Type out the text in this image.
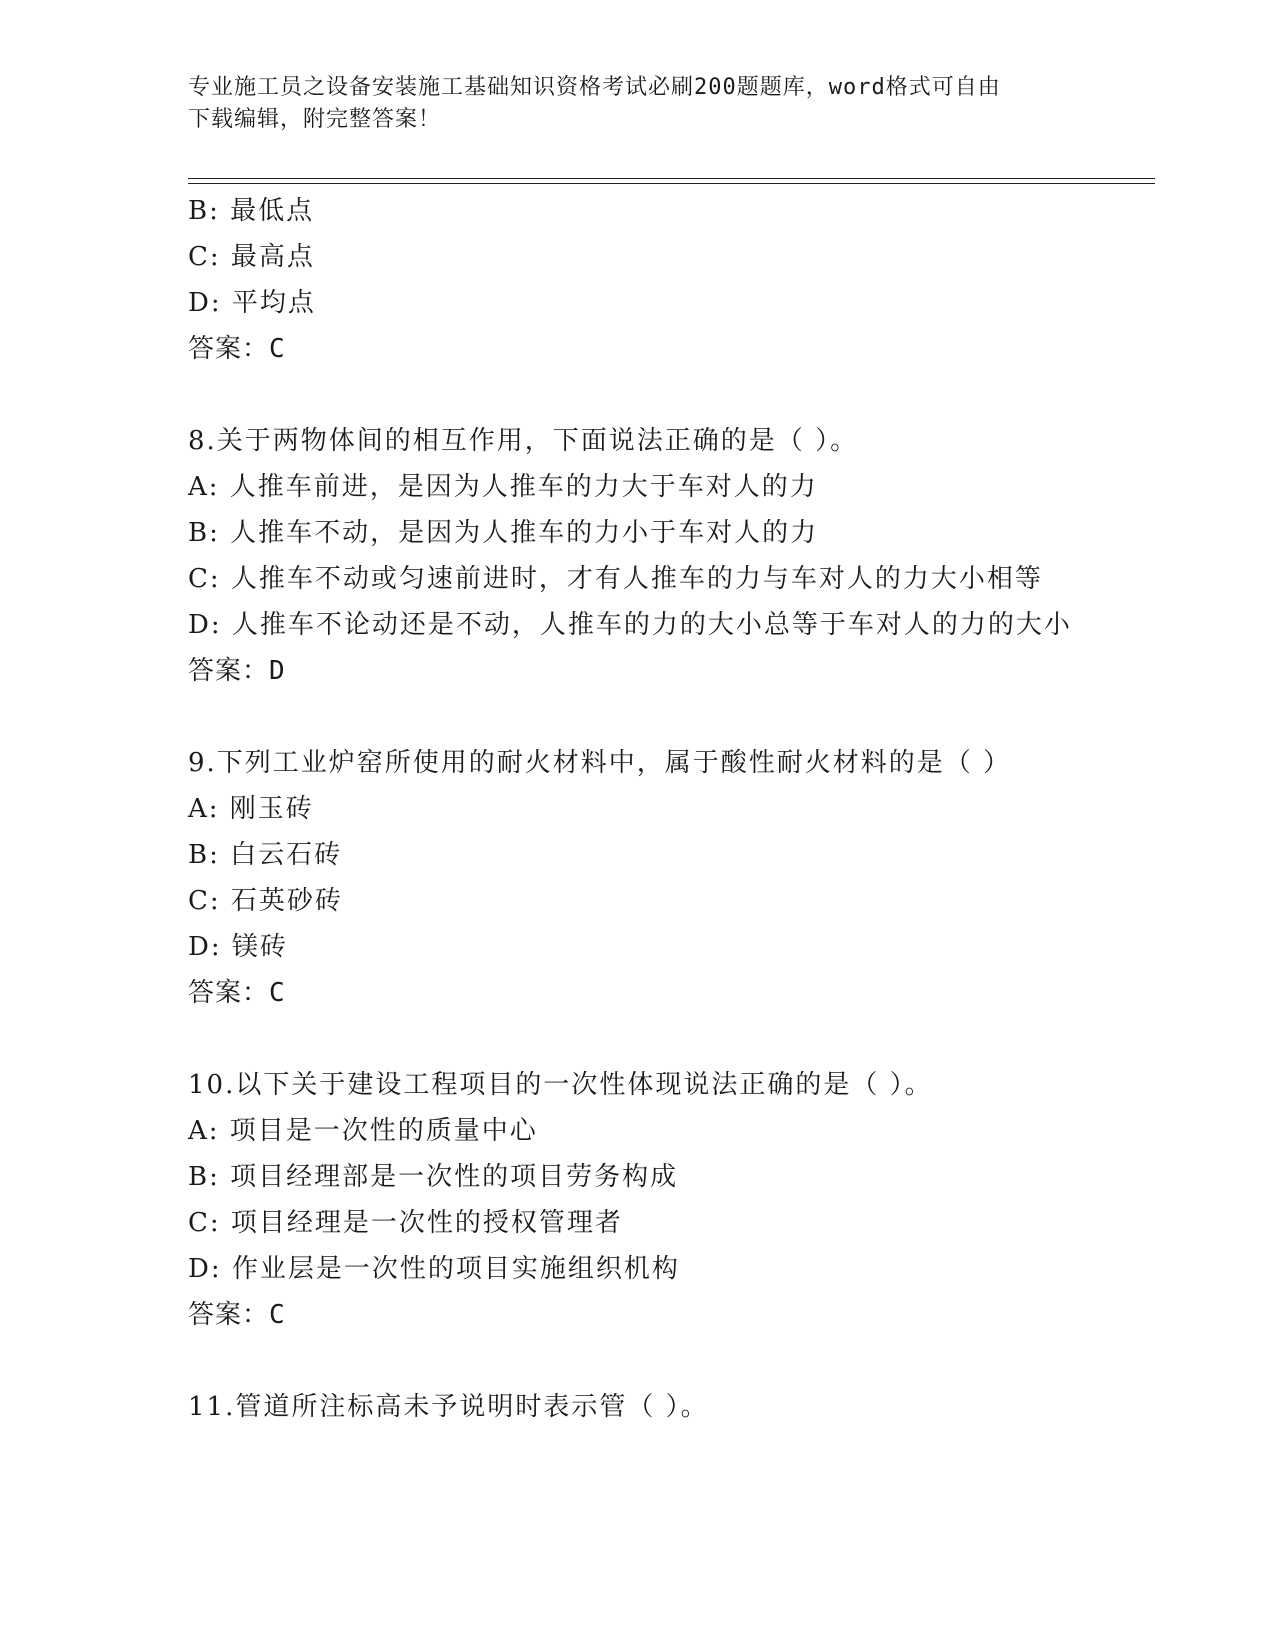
专业施工员之设备安装施工基础知识资格考试必刷200题题库，word格式可自由
下载编辑，附完整答案！
B: 最低点
C: 最高点
D: 平均点
答案：C
8.关于两物体间的相互作用，下面说法正确的是（ ）。
A: 人推车前进，是因为人推车的力大于车对人的力
B: 人推车不动，是因为人推车的力小于车对人的力
C: 人推车不动或匀速前进时，才有人推车的力与车对人的力大小相等
D: 人推车不论动还是不动，人推车的力的大小总等于车对人的力的大小
答案：D
9.下列工业炉窑所使用的耐火材料中，属于酸性耐火材料的是（ ）
A: 刚玉砖
B: 白云石砖
C: 石英砂砖
D: 镁砖
答案：C
10.以下关于建设工程项目的一次性体现说法正确的是（ ）。
A: 项目是一次性的质量中心
B: 项目经理部是一次性的项目劳务构成
C: 项目经理是一次性的授权管理者
D: 作业层是一次性的项目实施组织机构
答案：C
11.管道所注标高未予说明时表示管（ ）。
